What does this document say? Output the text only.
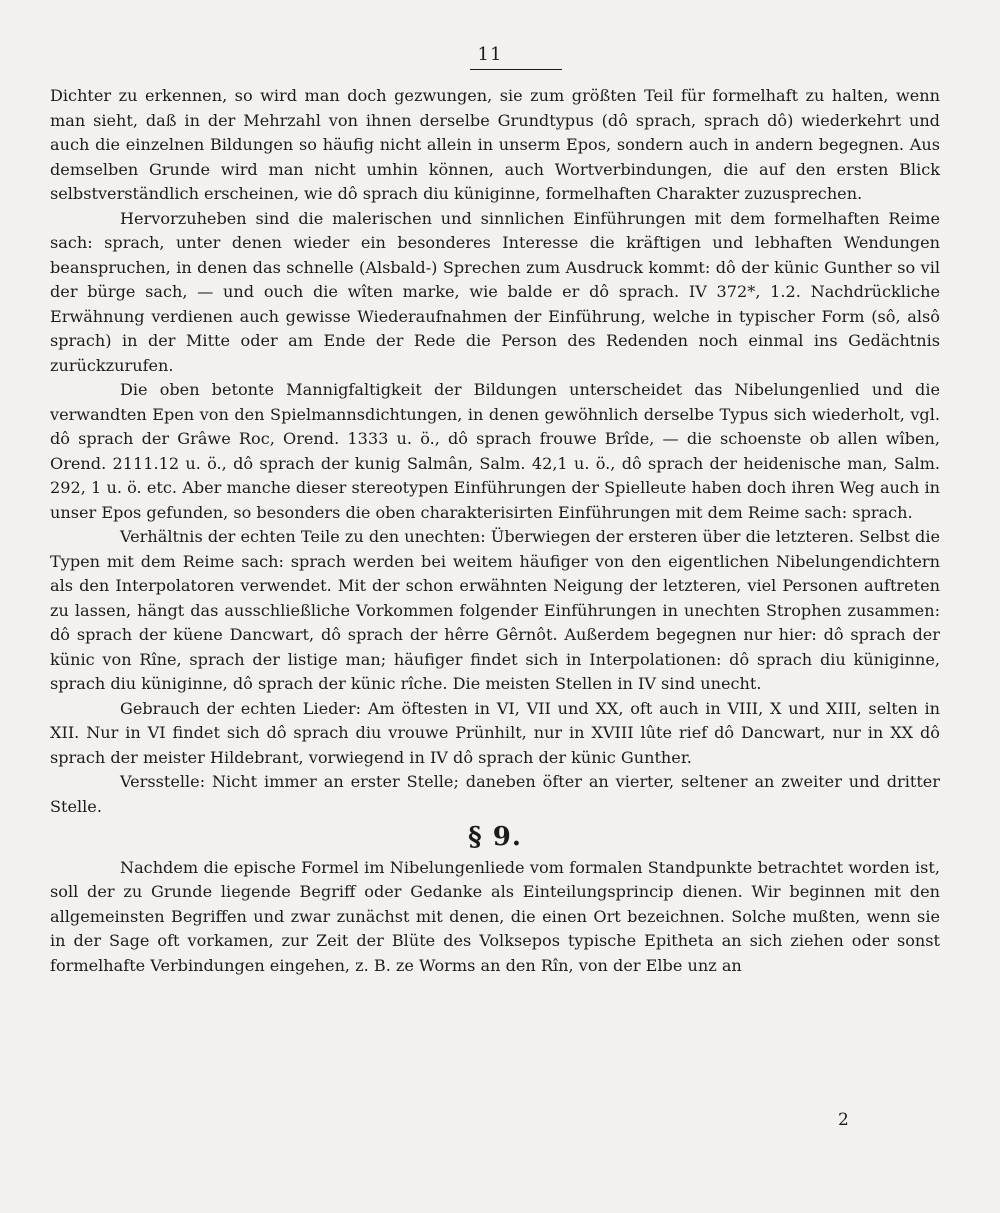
11

Dichter zu erkennen, so wird man doch gezwungen, sie zum größten Teil für formelhaft zu halten, wenn man sieht, daß in der Mehrzahl von ihnen derselbe Grundtypus (dô sprach, sprach dô) wiederkehrt und auch die einzelnen Bildungen so häufig nicht allein in unserm Epos, sondern auch in andern begegnen. Aus demselben Grunde wird man nicht umhin können, auch Wortverbindungen, die auf den ersten Blick selbstverständlich erscheinen, wie dô sprach diu küniginne, formelhaften Charakter zuzusprechen.

Hervorzuheben sind die malerischen und sinnlichen Einführungen mit dem formelhaften Reime sach: sprach, unter denen wieder ein besonderes Interesse die kräftigen und lebhaften Wendungen beanspruchen, in denen das schnelle (Alsbald-) Sprechen zum Ausdruck kommt: dô der künic Gunther so vil der bürge sach, — und ouch die wîten marke, wie balde er dô sprach. IV 372*, 1.2. Nachdrückliche Erwähnung verdienen auch gewisse Wiederaufnahmen der Einführung, welche in typischer Form (sô, alsô sprach) in der Mitte oder am Ende der Rede die Person des Redenden noch einmal ins Gedächtnis zurückzurufen.

Die oben betonte Mannigfaltigkeit der Bildungen unterscheidet das Nibelungenlied und die verwandten Epen von den Spielmannsdichtungen, in denen gewöhnlich derselbe Typus sich wiederholt, vgl. dô sprach der Grâwe Roc, Orend. 1333 u. ö., dô sprach frouwe Brîde, — die schoenste ob allen wîben, Orend. 2111.12 u. ö., dô sprach der kunig Salmân, Salm. 42,1 u. ö., dô sprach der heidenische man, Salm. 292, 1 u. ö. etc. Aber manche dieser stereotypen Einführungen der Spielleute haben doch ihren Weg auch in unser Epos gefunden, so besonders die oben charakterisirten Einführungen mit dem Reime sach: sprach.

Verhältnis der echten Teile zu den unechten: Überwiegen der ersteren über die letzteren. Selbst die Typen mit dem Reime sach: sprach werden bei weitem häufiger von den eigentlichen Nibelungendichtern als den Interpolatoren verwendet. Mit der schon erwähnten Neigung der letzteren, viel Personen auftreten zu lassen, hängt das ausschließliche Vorkommen folgender Einführungen in unechten Strophen zusammen: dô sprach der küene Dancwart, dô sprach der hêrre Gêrnôt. Außerdem begegnen nur hier: dô sprach der künic von Rîne, sprach der listige man; häufiger findet sich in Interpolationen: dô sprach diu küniginne, sprach diu küniginne, dô sprach der künic rîche. Die meisten Stellen in IV sind unecht.

Gebrauch der echten Lieder: Am öftesten in VI, VII und XX, oft auch in VIII, X und XIII, selten in XII. Nur in VI findet sich dô sprach diu vrouwe Prünhilt, nur in XVIII lûte rief dô Dancwart, nur in XX dô sprach der meister Hildebrant, vorwiegend in IV dô sprach der künic Gunther.

Versstelle: Nicht immer an erster Stelle; daneben öfter an vierter, seltener an zweiter und dritter Stelle.

§ 9.

Nachdem die epische Formel im Nibelungenliede vom formalen Standpunkte betrachtet worden ist, soll der zu Grunde liegende Begriff oder Gedanke als Einteilungsprincip dienen. Wir beginnen mit den allgemeinsten Begriffen und zwar zunächst mit denen, die einen Ort bezeichnen. Solche mußten, wenn sie in der Sage oft vorkamen, zur Zeit der Blüte des Volksepos typische Epitheta an sich ziehen oder sonst formelhafte Verbindungen eingehen, z. B. ze Worms an den Rîn, von der Elbe unz an

2
